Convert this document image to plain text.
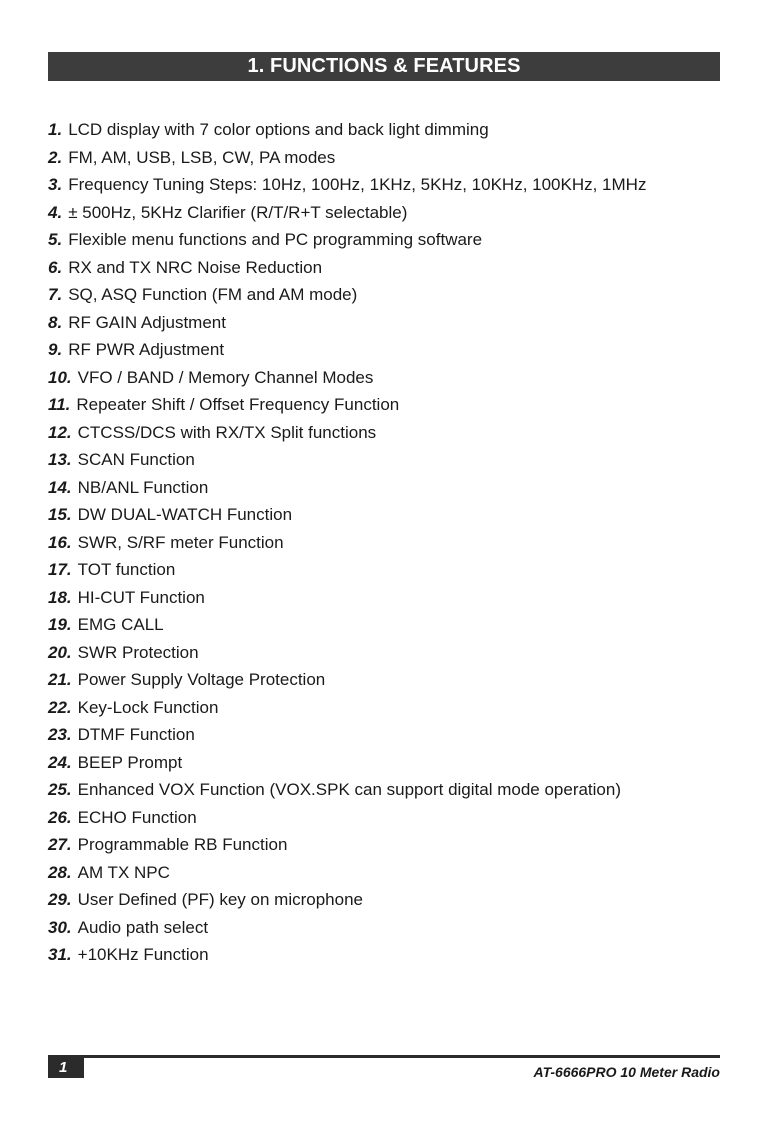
1. FUNCTIONS & FEATURES
1. LCD display with 7 color options and back light dimming
2. FM, AM, USB, LSB, CW, PA modes
3. Frequency Tuning Steps: 10Hz, 100Hz, 1KHz, 5KHz, 10KHz, 100KHz, 1MHz
4. ± 500Hz, 5KHz Clarifier (R/T/R+T selectable)
5. Flexible menu functions and PC programming software
6. RX and TX NRC Noise Reduction
7. SQ, ASQ Function (FM and AM mode)
8. RF GAIN Adjustment
9. RF PWR Adjustment
10. VFO / BAND / Memory Channel Modes
11. Repeater Shift / Offset Frequency Function
12. CTCSS/DCS with RX/TX Split functions
13. SCAN Function
14. NB/ANL Function
15. DW DUAL-WATCH Function
16. SWR, S/RF meter Function
17. TOT function
18. HI-CUT Function
19. EMG CALL
20. SWR Protection
21. Power Supply Voltage Protection
22. Key-Lock Function
23. DTMF Function
24. BEEP Prompt
25. Enhanced VOX Function (VOX.SPK can support digital mode operation)
26. ECHO Function
27. Programmable RB Function
28. AM TX NPC
29. User Defined (PF) key on microphone
30. Audio path select
31. +10KHz Function
1	AT-6666PRO 10 Meter Radio
